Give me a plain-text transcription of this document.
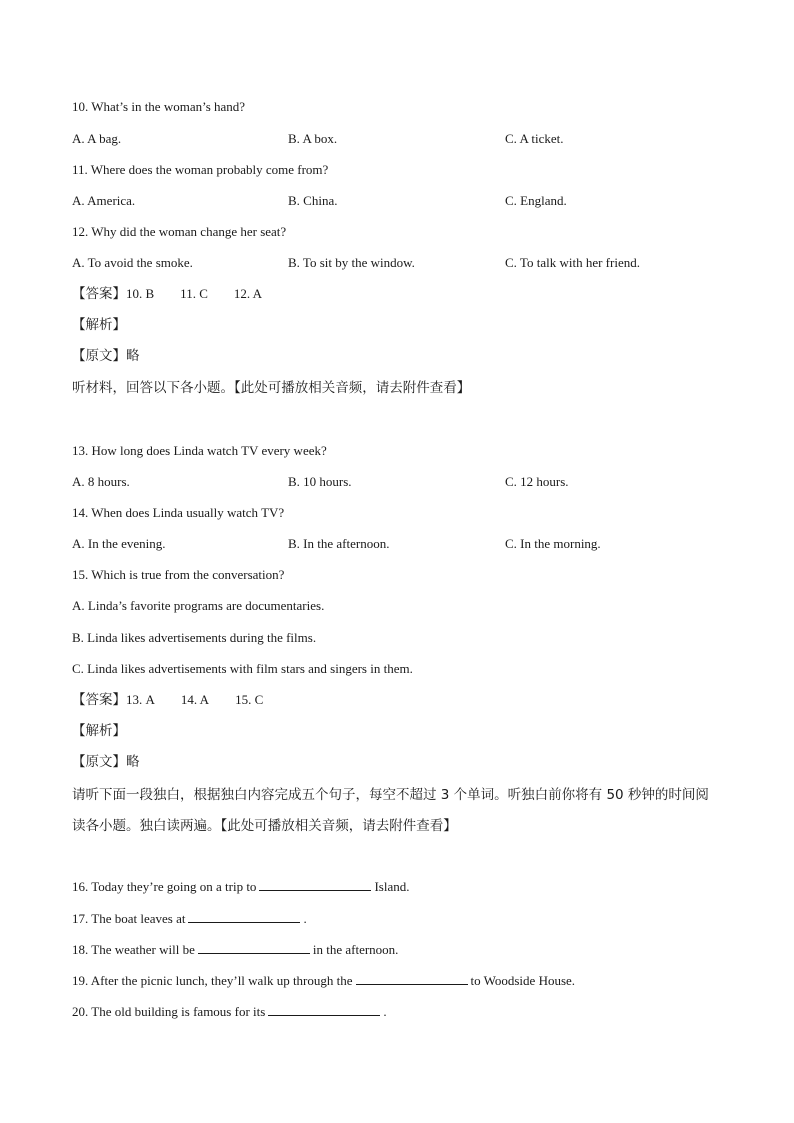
10. What’s in the woman’s hand?
A. A bag.	B. A box.	C. A ticket.
11. Where does the woman probably come from?
A. America.	B. China.	C. England.
12. Why did the woman change her seat?
A. To avoid the smoke.	B. To sit by the window.	C. To talk with her friend.
【答案】10. B 11. C 12. A
【解析】
【原文】略
听材料，回答以下各小题。【此处可播放相关音频，请去附件查看】
13. How long does Linda watch TV every week?
A. 8 hours.	B. 10 hours.	C. 12 hours.
14. When does Linda usually watch TV?
A. In the evening.	B. In the afternoon.	C. In the morning.
15. Which is true from the conversation?
A. Linda’s favorite programs are documentaries.
B. Linda likes advertisements during the films.
C. Linda likes advertisements with film stars and singers in them.
【答案】13. A 14. A 15. C
【解析】
【原文】略
请听下面一段独白，根据独白内容完成五个句子，每空不超过 3 个单词。听独白前你将有 50 秒钟的时间阅
读各小题。独白读两遍。【此处可播放相关音频，请去附件查看】
16. Today they’re going on a trip to	Island.
17. The boat leaves at	.
18. The weather will be	in the afternoon.
19. After the picnic lunch, they’ll walk up through the	to Woodside House.
20. The old building is famous for its	.
